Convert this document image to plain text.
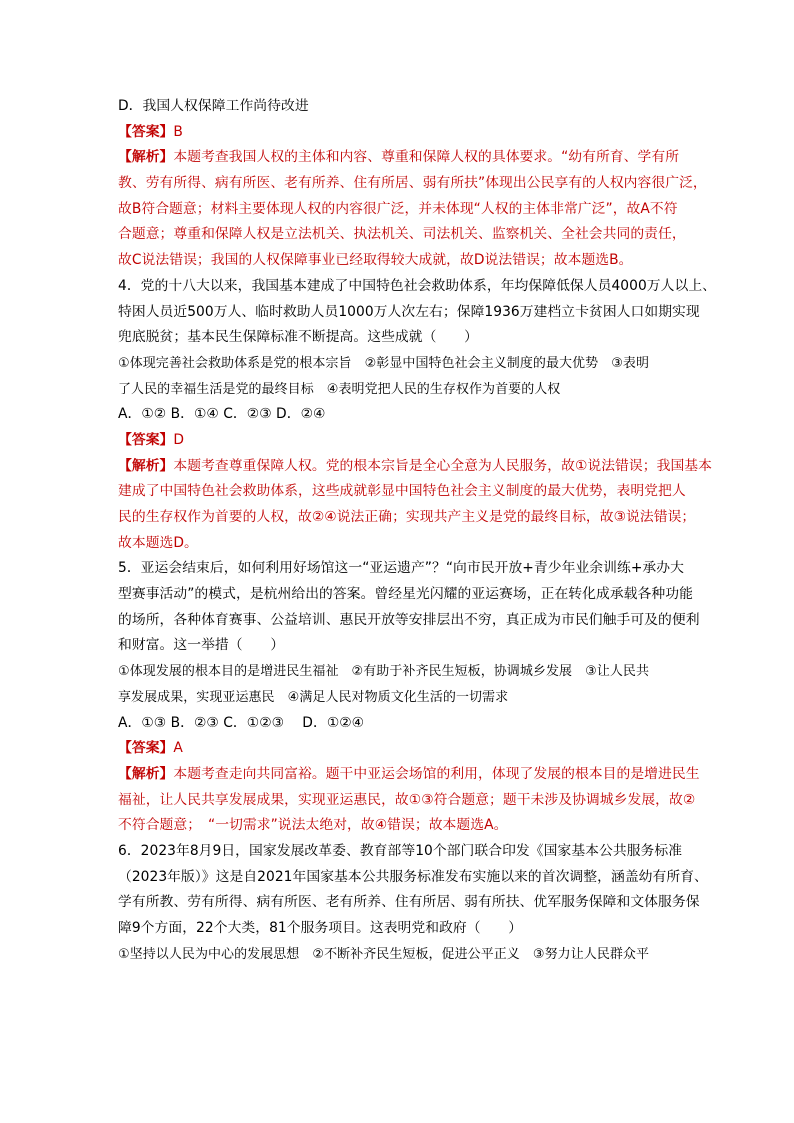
D．我国人权保障工作尚待改进
【答案】B
【解析】本题考查我国人权的主体和内容、尊重和保障人权的具体要求。“幼有所育、学有所
教、劳有所得、病有所医、老有所养、住有所居、弱有所扶”体现出公民享有的人权内容很广泛，
故B符合题意；材料主要体现人权的内容很广泛，并未体现“人权的主体非常广泛”，故A不符
合题意；尊重和保障人权是立法机关、执法机关、司法机关、监察机关、全社会共同的责任，
故C说法错误；我国的人权保障事业已经取得较大成就，故D说法错误；故本题选B。
4．党的十八大以来，我国基本建成了中国特色社会救助体系，年均保障低保人员4000万人以上、
特困人员近500万人、临时救助人员1000万人次左右；保障1936万建档立卡贫困人口如期实现
兜底脱贫；基本民生保障标准不断提高。这些成就（　　）
①体现完善社会救助体系是党的根本宗旨　②彰显中国特色社会主义制度的最大优势　③表明
了人民的幸福生活是党的最终目标　④表明党把人民的生存权作为首要的人权
A．①② B．①④ C．②③ D．②④
【答案】D
【解析】本题考查尊重保障人权。党的根本宗旨是全心全意为人民服务，故①说法错误；我国基本
建成了中国特色社会救助体系，这些成就彰显中国特色社会主义制度的最大优势，表明党把人
民的生存权作为首要的人权，故②④说法正确；实现共产主义是党的最终目标，故③说法错误；
故本题选D。
5．亚运会结束后，如何利用好场馆这一“亚运遗产”？“向市民开放+青少年业余训练+承办大
型赛事活动”的模式，是杭州给出的答案。曾经星光闪耀的亚运赛场，正在转化成承载各种功能
的场所，各种体育赛事、公益培训、惠民开放等安排层出不穷，真正成为市民们触手可及的便利
和财富。这一举措（　　）
①体现发展的根本目的是增进民生福祉　②有助于补齐民生短板，协调城乡发展　③让人民共
享发展成果，实现亚运惠民　④满足人民对物质文化生活的一切需求
A．①③ B．②③ C．①②③　 D．①②④
【答案】A
【解析】本题考查走向共同富裕。题干中亚运会场馆的利用，体现了发展的根本目的是增进民生
福祉，让人民共享发展成果，实现亚运惠民，故①③符合题意；题干未涉及协调城乡发展，故②
不符合题意；　“一切需求”说法太绝对，故④错误；故本题选A。
6．2023年8月9日，国家发展改革委、教育部等10个部门联合印发《国家基本公共服务标准
（2023年版）》这是自2021年国家基本公共服务标准发布实施以来的首次调整，涵盖幼有所育、
学有所教、劳有所得、病有所医、老有所养、住有所居、弱有所扶、优军服务保障和文体服务保
障9个方面，22个大类，81个服务项目。这表明党和政府（　　）
①坚持以人民为中心的发展思想　②不断补齐民生短板，促进公平正义　③努力让人民群众平
